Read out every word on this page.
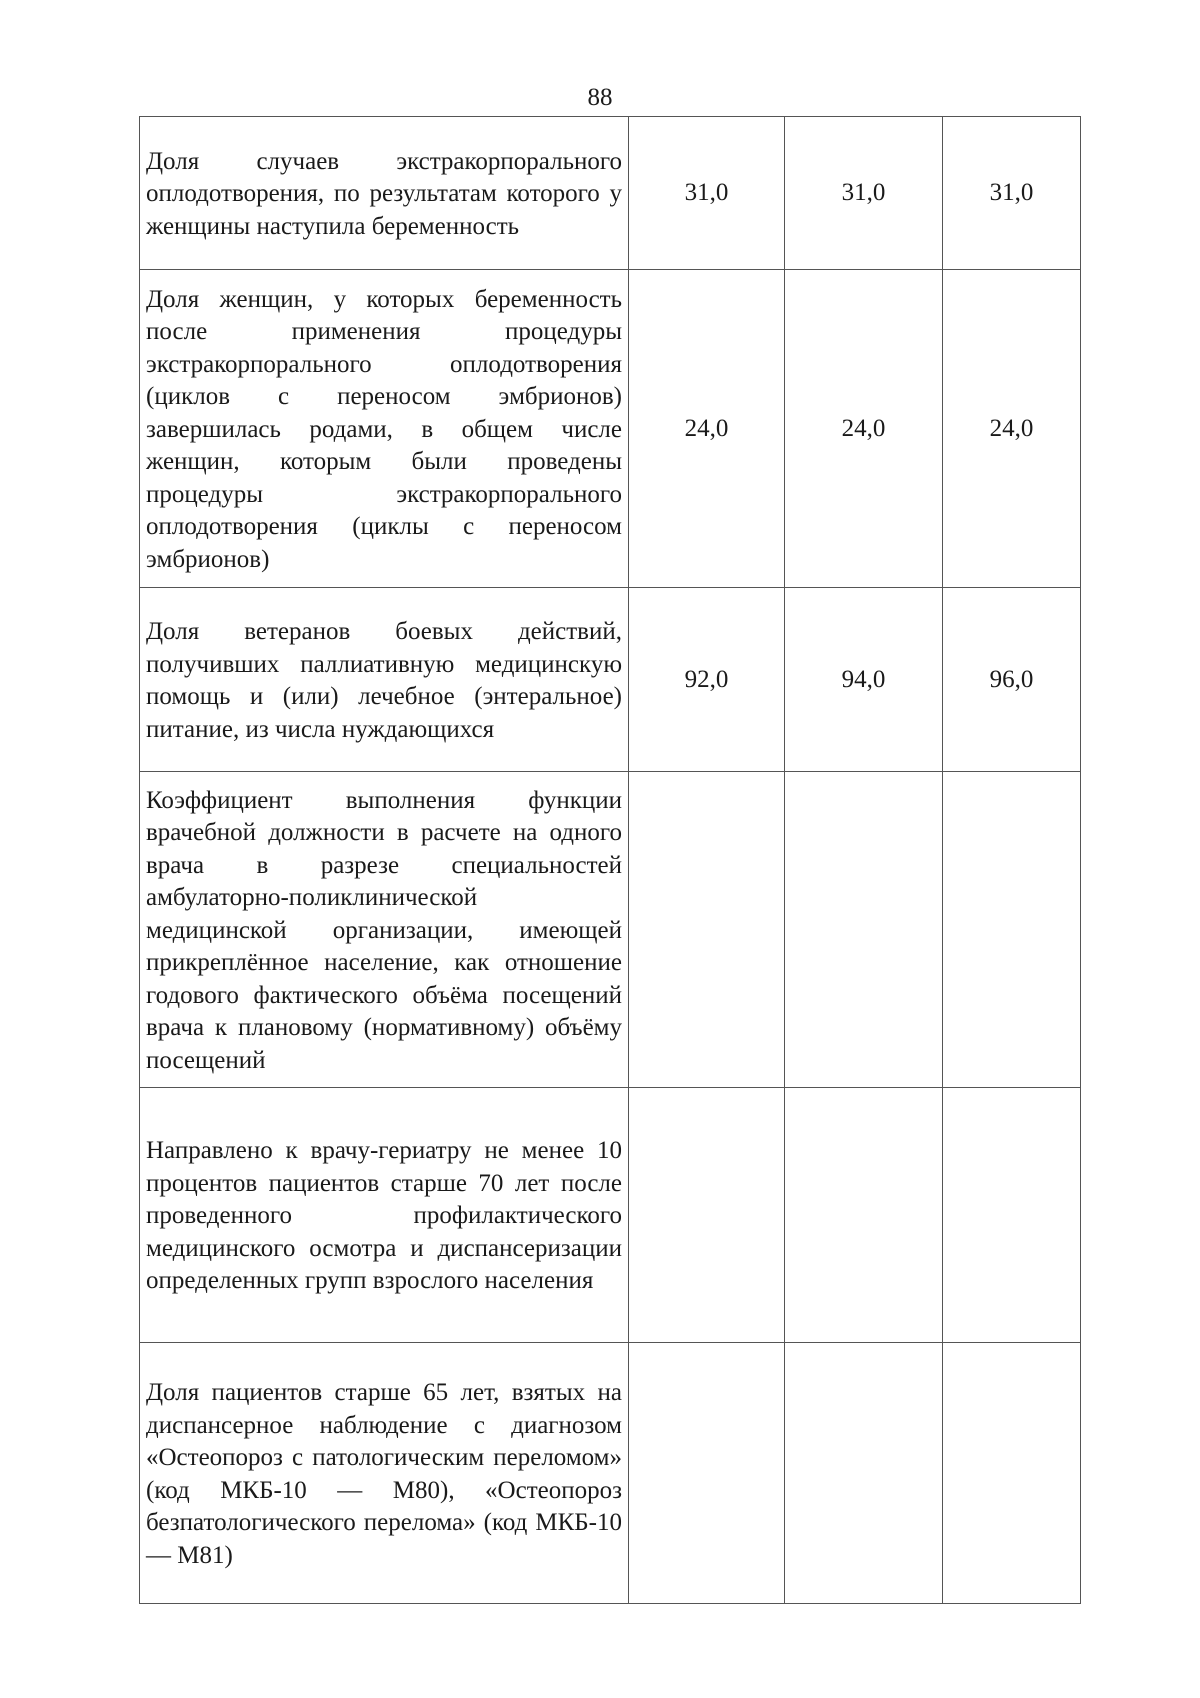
88
Доля случаев экстракорпорального оплодотворения, по результатам которого у женщины наступила беременность	31,0	31,0	31,0
Доля женщин, у которых беременность после применения процедуры экстракорпорального оплодотворения (циклов с переносом эмбрионов) завершилась родами, в общем числе женщин, которым были проведены процедуры экстракорпорального оплодотворения (циклы с переносом эмбрионов)	24,0	24,0	24,0
Доля ветеранов боевых действий, получивших паллиативную медицинскую помощь и (или) лечебное (энтеральное) питание, из числа нуждающихся	92,0	94,0	96,0
Коэффициент выполнения функции врачебной должности в расчете на одного врача в разрезе специальностей амбулаторно-поликлинической медицинской организации, имеющей прикреплённое население, как отношение годового фактического объёма посещений врача к плановому (нормативному) объёму посещений			
Направлено к врачу-гериатру не менее 10 процентов пациентов старше 70 лет после проведенного профилактического медицинского осмотра и диспансеризации определенных групп взрослого населения			
Доля пациентов старше 65 лет, взятых на диспансерное наблюдение с диагнозом «Остеопороз с патологическим переломом» (код МКБ-10 — М80), «Остеопороз безпатологического перелома» (код МКБ-10 — М81)			
